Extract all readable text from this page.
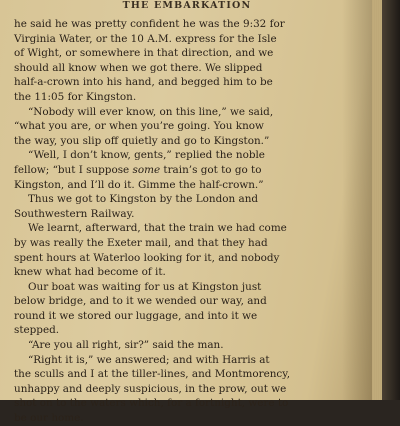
THE EMBARKATION
he said he was pretty confident he was the 9:32 for
Virginia Water, or the 10 A.M. express for the Isle
of Wight, or somewhere in that direction, and we
should all know when we got there. We slipped
half-a-crown into his hand, and begged him to be
the 11:05 for Kingston.
“Nobody will ever know, on this line,” we said,
“what you are, or when you’re going. You know
the way, you slip off quietly and go to Kingston.”
“Well, I don’t know, gents,” replied the noble
fellow; “but I suppose some train’s got to go to
Kingston, and I’ll do it. Gimme the half-crown.”
Thus we got to Kingston by the London and
Southwestern Railway.
We learnt, afterward, that the train we had come
by was really the Exeter mail, and that they had
spent hours at Waterloo looking for it, and nobody
knew what had become of it.
Our boat was waiting for us at Kingston just
below bridge, and to it we wended our way, and
round it we stored our luggage, and into it we
stepped.
“Are you all right, sir?” said the man.
“Right it is,” we answered; and with Harris at
the sculls and I at the tiller-lines, and Montmorency,
unhappy and deeply suspicious, in the prow, out we
shot on to the waters which, for a fortnight, were to
be our home.
